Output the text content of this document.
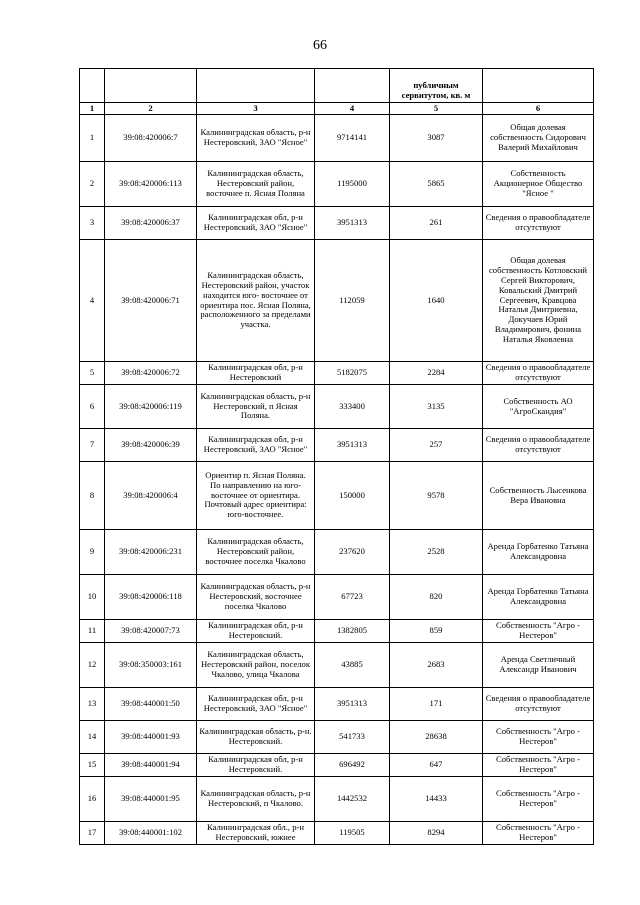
66
				публичным сервитутом, кв. м	
1	2	3	4	5	6
1	39:08:420006:7	Калининградская область, р-н Нестеровский, ЗАО "Ясное"	9714141	3087	Общая долевая собственность Сидорович Валерий Михайлович
2	39:08:420006:113	Калининградская область, Нестеровский район, восточнее п. Ясная Поляна	1195000	5865	Собственность Акционерное Общество "Ясное "
3	39:08:420006:37	Калининградская обл, р-н Нестеровский, ЗАО "Ясное"	3951313	261	Сведения о правообладателе отсутствуют
4	39:08:420006:71	Калининградская область, Нестеровский район, участок находится юго- восточнее от ориентира пос. Ясная Поляна, расположенного за пределами участка.	112059	1640	Общая долевая собственность Котловский Сергей Викторович, Ковальский Дмитрий Сергеевич, Кравцова Наталья Дмитриевна, Докучаев Юрий Владимирович, фонина Наталья Яковлевна
5	39:08:420006:72	Калининградская обл, р-н Нестеровский	5182075	2284	Сведения о правообладателе отсутствуют
6	39:08:420006:119	Калининградская область, р-н Нестеровский, п Ясная Поляна.	333400	3135	Собственность АО "АгроСкандия"
7	39:08:420006:39	Калининградская обл, р-н Нестеровский, ЗАО "Ясное"	3951313	257	Сведения о правообладателе отсутствуют
8	39:08:420006:4	Ориентир п. Ясная Поляна. По направлению на юго-восточнее от ориентира. Почтовый адрес ориентира: юго-восточнее.	150000	9578	Собственность Лысенкова Вера Ивановна
9	39:08:420006:231	Калининградская область, Нестеровский район, восточнее поселка Чкалово	237620	2528	Аренда Горбатенко Татьяна Александровна
10	39:08:420006:118	Калининградская область, р-н Нестеровский, восточнее поселка Чкалово	67723	820	Аренда Горбатенко Татьяна Александровна
11	39:08:420007:73	Калининградская обл, р-н Нестеровский.	1382805	859	Собственность "Агро - Нестеров"
12	39:08:350003:161	Калининградская область, Нестеровский район, поселок Чкалово, улица Чкалова	43885	2683	Аренда Светличный Александр Иванович
13	39:08:440001:50	Калининградская обл, р-н Нестеровский, ЗАО "Ясное"	3951313	171	Сведения о правообладателе отсутствуют
14	39:08:440001:93	Калининградская область, р-н. Нестеровский.	541733	28638	Собственность "Агро - Нестеров"
15	39:08:440001:94	Калининградская обл, р-н Нестеровский.	696492	647	Собственность "Агро - Нестеров"
16	39:08:440001:95	Калининградская область, р-н Нестеровский, п Чкалово.	1442532	14433	Собственность "Агро - Нестеров"
17	39:08:440001:102	Калининградская обл., р-н Нестеровский, южнее	119505	8294	Собственность "Агро - Нестеров"
